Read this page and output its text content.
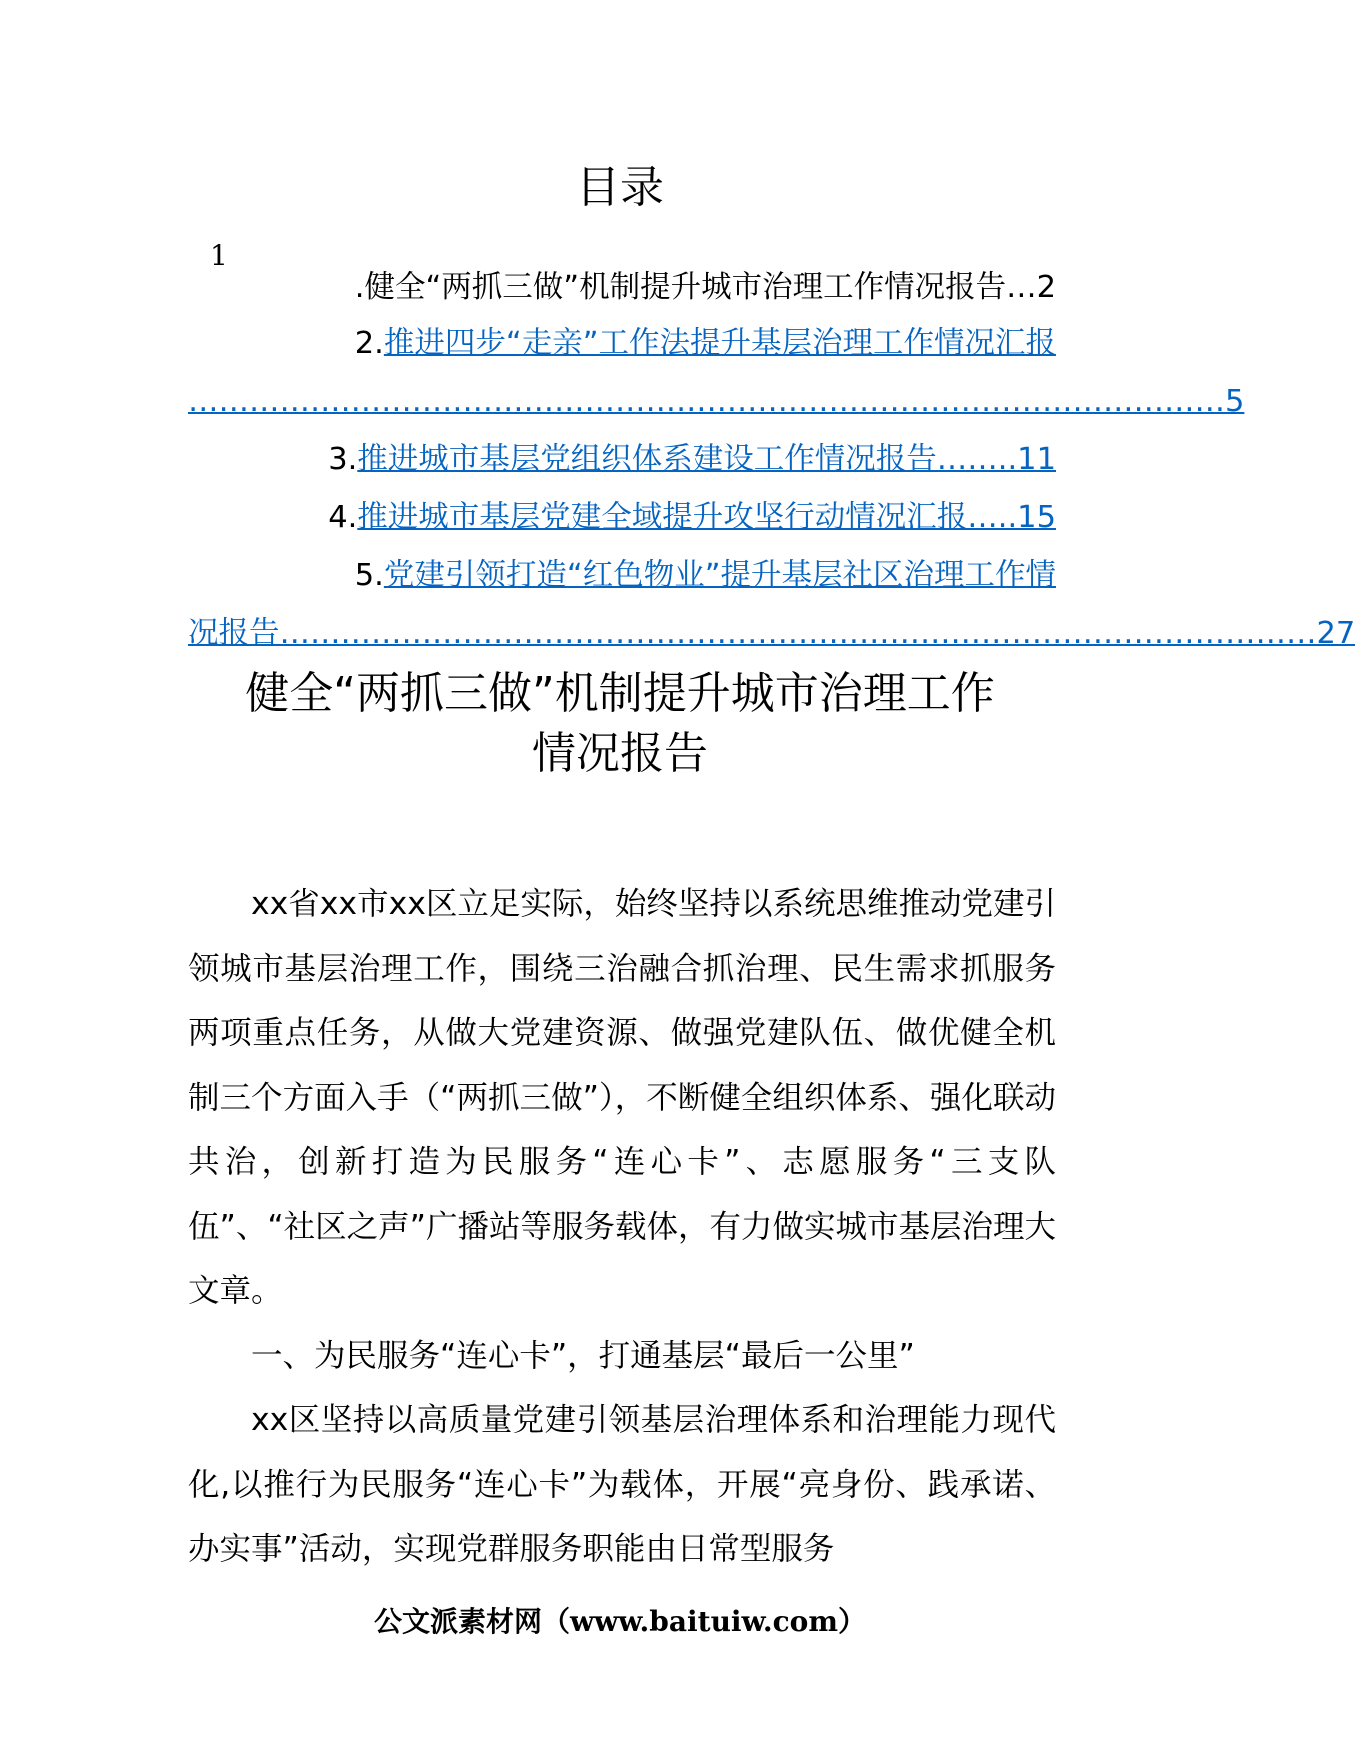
目录
1
.健全“两抓三做”机制提升城市治理工作情况报告…2
2.推进四步“走亲”工作法提升基层治理工作情况汇报
………………………………………………………………………………………… 5
3.推进城市基层党组织体系建设工作情况报告……..11
4.推进城市基层党建全域提升攻坚行动情况汇报…..15
5.党建引领打造“红色物业”提升基层社区治理工作情
况报告 ………………………………………………………………………………………… 27
健全“两抓三做”机制提升城市治理工作
情况报告

xx省xx市xx区立足实际，始终坚持以系统思维推动党建引领城市基层治理工作，围绕三治融合抓治理、民生需求抓服务两项重点任务，从做大党建资源、做强党建队伍、做优健全机制三个方面入手（“两抓三做”），不断健全组织体系、强化联动共治，创新打造为民服务“连心卡”、志愿服务“三支队伍”、“社区之声”广播站等服务载体，有力做实城市基层治理大文章。

一、为民服务“连心卡”，打通基层“最后一公里”

xx区坚持以高质量党建引领基层治理体系和治理能力现代化,以推行为民服务“连心卡”为载体，开展“亮身份、践承诺、办实事”活动，实现党群服务职能由日常型服务

公文派素材网（www.baituiw.com）
